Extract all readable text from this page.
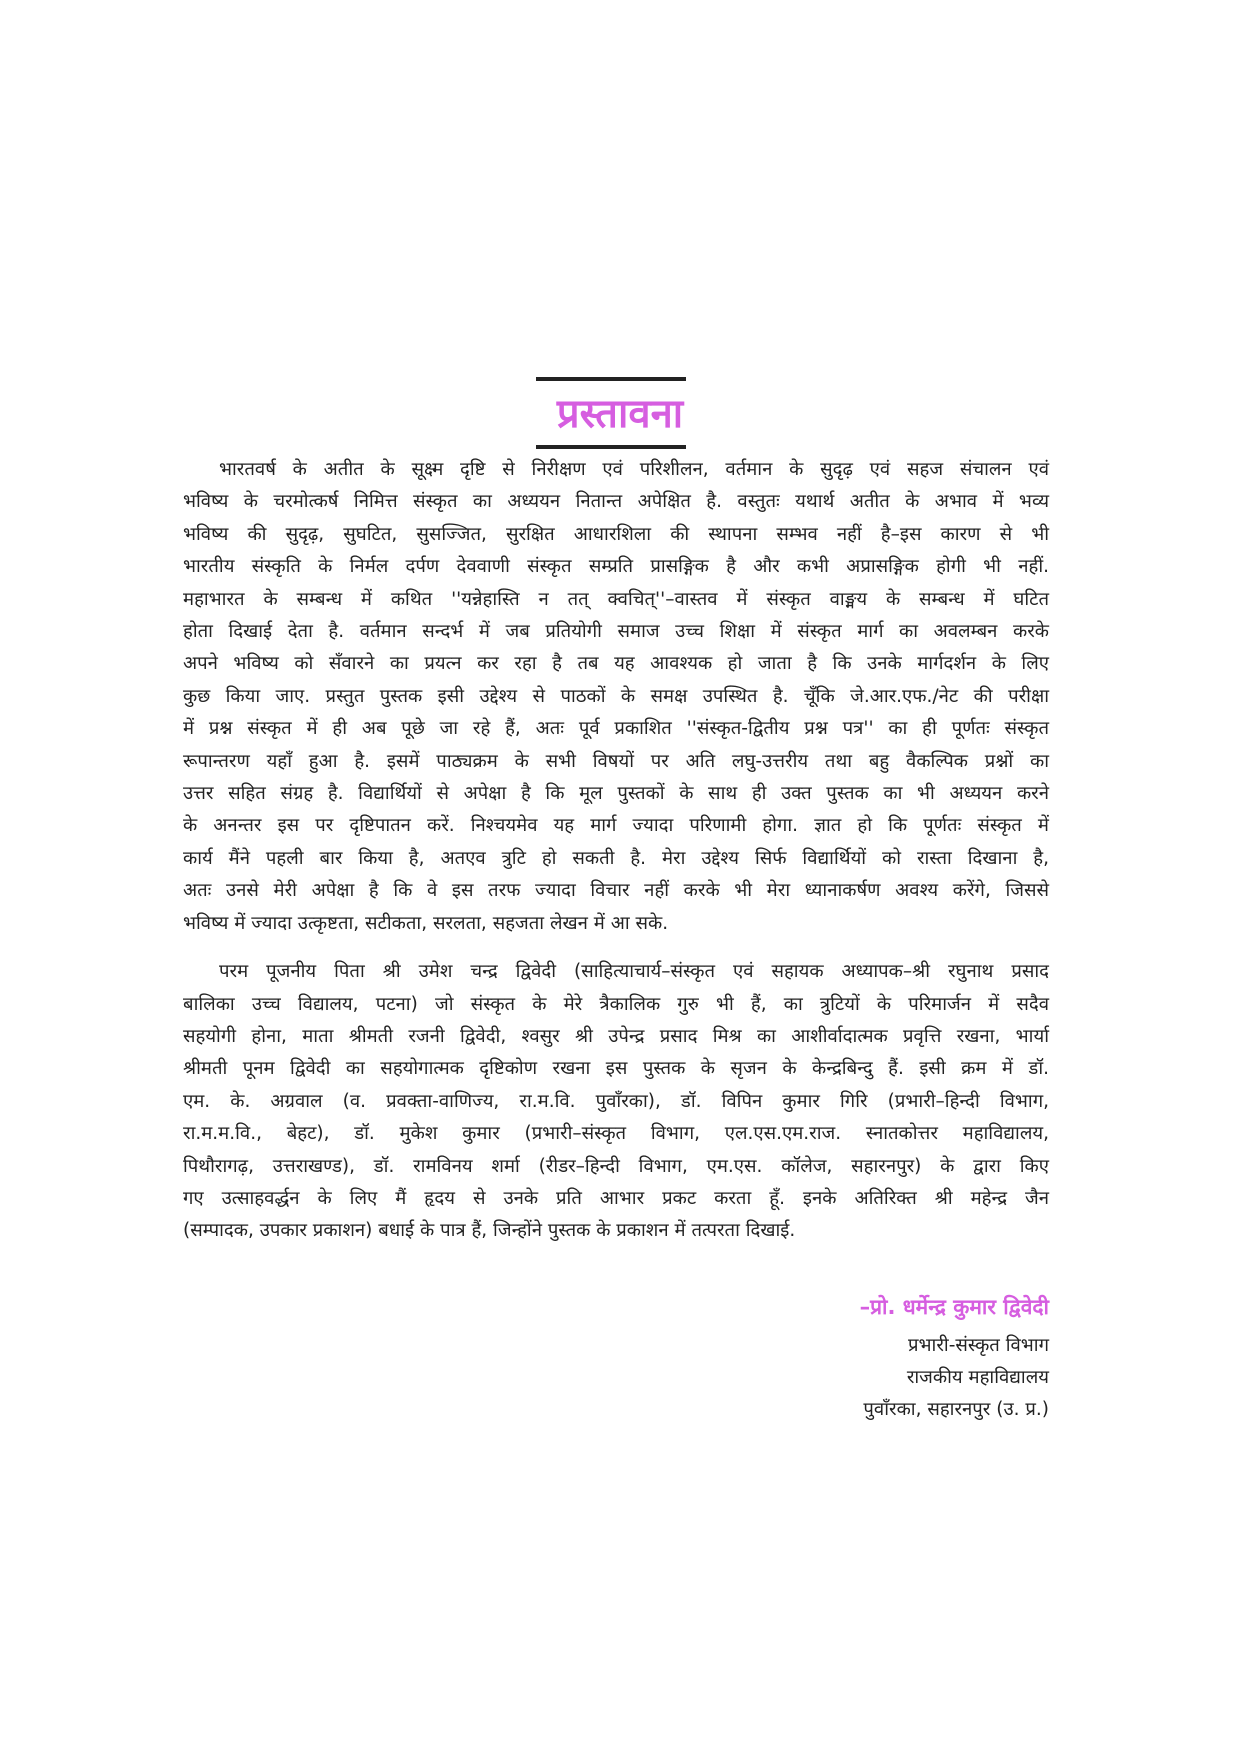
प्रस्तावना
भारतवर्ष के अतीत के सूक्ष्म दृष्टि से निरीक्षण एवं परिशीलन, वर्तमान के सुदृढ़ एवं सहज संचालन एवं
भविष्य के चरमोत्कर्ष निमित्त संस्कृत का अध्ययन नितान्त अपेक्षित है. वस्तुतः यथार्थ अतीत के अभाव में भव्य
भविष्य की सुदृढ़, सुघटित, सुसज्जित, सुरक्षित आधारशिला की स्थापना सम्भव नहीं है–इस कारण से भी
भारतीय संस्कृति के निर्मल दर्पण देववाणी संस्कृत सम्प्रति प्रासङ्गिक है और कभी अप्रासङ्गिक होगी भी नहीं.
महाभारत के सम्बन्ध में कथित ''यन्नेहास्ति न तत् क्वचित्''–वास्तव में संस्कृत वाङ्मय के सम्बन्ध में घटित
होता दिखाई देता है. वर्तमान सन्दर्भ में जब प्रतियोगी समाज उच्च शिक्षा में संस्कृत मार्ग का अवलम्बन करके
अपने भविष्य को सँवारने का प्रयत्न कर रहा है तब यह आवश्यक हो जाता है कि उनके मार्गदर्शन के लिए
कुछ किया जाए. प्रस्तुत पुस्तक इसी उद्देश्य से पाठकों के समक्ष उपस्थित है. चूँकि जे.आर.एफ./नेट की परीक्षा
में प्रश्न संस्कृत में ही अब पूछे जा रहे हैं, अतः पूर्व प्रकाशित ''संस्कृत-द्वितीय प्रश्न पत्र'' का ही पूर्णतः संस्कृत
रूपान्तरण यहाँ हुआ है. इसमें पाठ्यक्रम के सभी विषयों पर अति लघु-उत्तरीय तथा बहु वैकल्पिक प्रश्नों का
उत्तर सहित संग्रह है. विद्यार्थियों से अपेक्षा है कि मूल पुस्तकों के साथ ही उक्त पुस्तक का भी अध्ययन करने
के अनन्तर इस पर दृष्टिपातन करें. निश्चयमेव यह मार्ग ज्यादा परिणामी होगा. ज्ञात हो कि पूर्णतः संस्कृत में
कार्य मैंने पहली बार किया है, अतएव त्रुटि हो सकती है. मेरा उद्देश्य सिर्फ विद्यार्थियों को रास्ता दिखाना है,
अतः उनसे मेरी अपेक्षा है कि वे इस तरफ ज्यादा विचार नहीं करके भी मेरा ध्यानाकर्षण अवश्य करेंगे, जिससे
भविष्य में ज्यादा उत्कृष्टता, सटीकता, सरलता, सहजता लेखन में आ सके.
परम पूजनीय पिता श्री उमेश चन्द्र द्विवेदी (साहित्याचार्य–संस्कृत एवं सहायक अध्यापक–श्री रघुनाथ प्रसाद
बालिका उच्च विद्यालय, पटना) जो संस्कृत के मेरे त्रैकालिक गुरु भी हैं, का त्रुटियों के परिमार्जन में सदैव
सहयोगी होना, माता श्रीमती रजनी द्विवेदी, श्वसुर श्री उपेन्द्र प्रसाद मिश्र का आशीर्वादात्मक प्रवृत्ति रखना, भार्या
श्रीमती पूनम द्विवेदी का सहयोगात्मक दृष्टिकोण रखना इस पुस्तक के सृजन के केन्द्रबिन्दु हैं. इसी क्रम में डॉ.
एम. के. अग्रवाल (व. प्रवक्ता-वाणिज्य, रा.म.वि. पुवाँरका), डॉ. विपिन कुमार गिरि (प्रभारी–हिन्दी विभाग,
रा.म.म.वि., बेहट), डॉ. मुकेश कुमार (प्रभारी–संस्कृत विभाग, एल.एस.एम.राज. स्नातकोत्तर महाविद्यालय,
पिथौरागढ़, उत्तराखण्ड), डॉ. रामविनय शर्मा (रीडर–हिन्दी विभाग, एम.एस. कॉलेज, सहारनपुर) के द्वारा किए
गए उत्साहवर्द्धन के लिए मैं हृदय से उनके प्रति आभार प्रकट करता हूँ. इनके अतिरिक्त श्री महेन्द्र जैन
(सम्पादक, उपकार प्रकाशन) बधाई के पात्र हैं, जिन्होंने पुस्तक के प्रकाशन में तत्परता दिखाई.
–प्रो. धर्मेन्द्र कुमार द्विवेदी
प्रभारी-संस्कृत विभाग
राजकीय महाविद्यालय
पुवाँरका, सहारनपुर (उ. प्र.)
